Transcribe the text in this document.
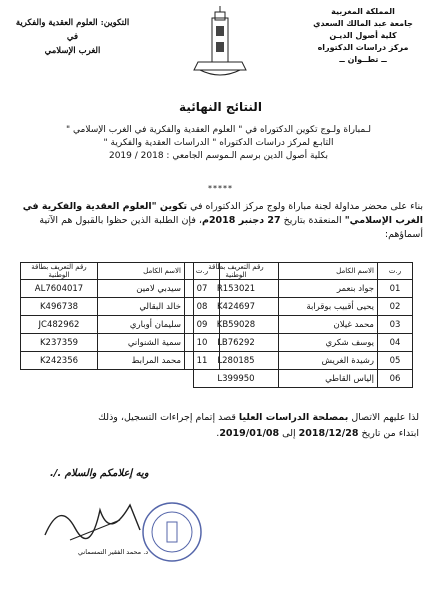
المملكة المغربية
جامعة عبد المالك السعدي
كلية أصول الديـن
مركز دراسات الدكتوراه
ــ تطــوان ــ
التكوين: العلوم العقدية والفكرية في
الغرب الإسلامي
النتائج النهائية
لـمباراة ولـوج تكوين الدكتوراه في " العلوم العقدية والفكرية في الغرب الإسلامي "
التابـع لمركز دراسات الدكتوراه " الدراسات العقدية والفكرية "
بكلية أصول الدين برسم الـموسم الجامعي : 2018 / 2019
*****
بناء على محضر مداولة لجنة مباراة ولوج مركز الدكتوراه في تكوين "العلوم العقدية والفكرية في الغرب الإسلامي" المنعقدة بتاريخ 27 دجنبر 2018م، فإن الطلبة الذين حظوا بالقبول هم الآتية أسماؤهم:
ر.ت	الاسم الكامل	رقم التعريف بطاقة الوطنية
01	جواد بنعمر	R153021
02	يحيى أقبيب بوقرابة	K424697
03	محمد غيلان	KB59028
04	يوسف شكري	LB76292
05	رشيدة الغريش	L280185
06	إلياس القاطي	L399950
ر.ت	الاسم الكامل	رقم التعريف بطاقة الوطنية
07	سيدبي لامين	AL7604017
08	خالد البقالي	K496738
09	سليمان أوباري	JC482962
10	سمية الشنواني	K237359
11	محمد المرابط	K242356
لذا عليهم الاتصال بمصلحة الدراسات العليا قصد إتمام إجراءات التسجيل، وذلك
ابتداء من تاريخ 2018/12/28 إلى 2019/01/08.
ويه إعلامكم والسلام ./.
د. محمد الفقير التمسماني
